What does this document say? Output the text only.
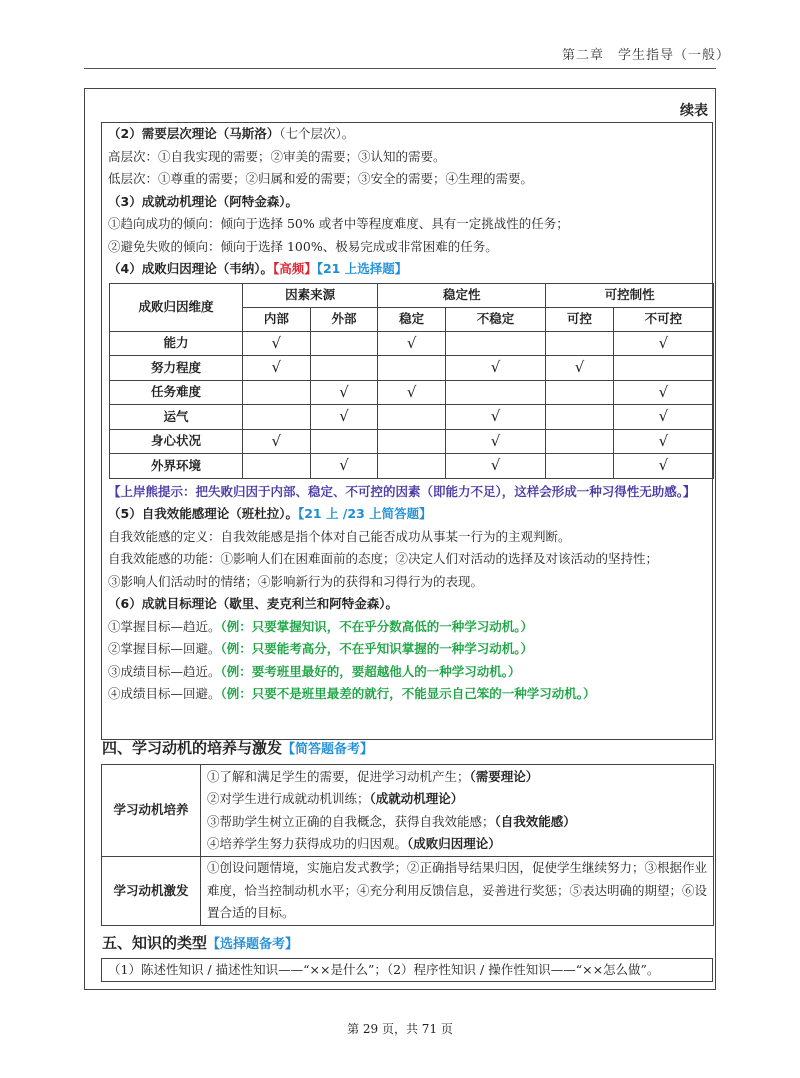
第二章　学生指导（一般）
续表
（2）需要层次理论（马斯洛）（七个层次）。
高层次：①自我实现的需要；②审美的需要；③认知的需要。
低层次：①尊重的需要；②归属和爱的需要；③安全的需要；④生理的需要。
（3）成就动机理论（阿特金森）。
①趋向成功的倾向：倾向于选择 50% 或者中等程度难度、具有一定挑战性的任务；
②避免失败的倾向：倾向于选择 100%、极易完成或非常困难的任务。
（4）成败归因理论（韦纳）。【高频】【21 上选择题】
成败归因维度	因素来源		稳定性		可控制性	
	内部	外部	稳定	不稳定	可控	不可控
能力	√		√			√
努力程度	√			√	√	
任务难度		√	√			√
运气		√		√		√
身心状况	√			√		√
外界环境		√		√		√
【上岸熊提示：把失败归因于内部、稳定、不可控的因素（即能力不足），这样会形成一种习得性无助感。】
（5）自我效能感理论（班杜拉）。【21 上 /23 上简答题】
自我效能感的定义：自我效能感是指个体对自己能否成功从事某一行为的主观判断。
自我效能感的功能：①影响人们在困难面前的态度；②决定人们对活动的选择及对该活动的坚持性；
③影响人们活动时的情绪；④影响新行为的获得和习得行为的表现。
（6）成就目标理论（歇里、麦克利兰和阿特金森）。
①掌握目标—趋近。（例：只要掌握知识，不在乎分数高低的一种学习动机。）
②掌握目标—回避。（例：只要能考高分，不在乎知识掌握的一种学习动机。）
③成绩目标—趋近。（例：要考班里最好的，要超越他人的一种学习动机。）
④成绩目标—回避。（例：只要不是班里最差的就行，不能显示自己笨的一种学习动机。）
四、学习动机的培养与激发【简答题备考】
学习动机培养	①了解和满足学生的需要，促进学习动机产生；（需要理论）
②对学生进行成就动机训练；（成就动机理论）
③帮助学生树立正确的自我概念，获得自我效能感；（自我效能感）
④培养学生努力获得成功的归因观。（成败归因理论）

学习动机激发	①创设问题情境，实施启发式教学；②正确指导结果归因，促使学生继续努力；③根据作业难度，恰当控制动机水平；④充分利用反馈信息，妥善进行奖惩；⑤表达明确的期望；⑥设置合适的目标。
五、知识的类型【选择题备考】
（1）陈述性知识 / 描述性知识——“××是什么”；（2）程序性知识 / 操作性知识——“××怎么做”。
第 29 页，共 71 页
